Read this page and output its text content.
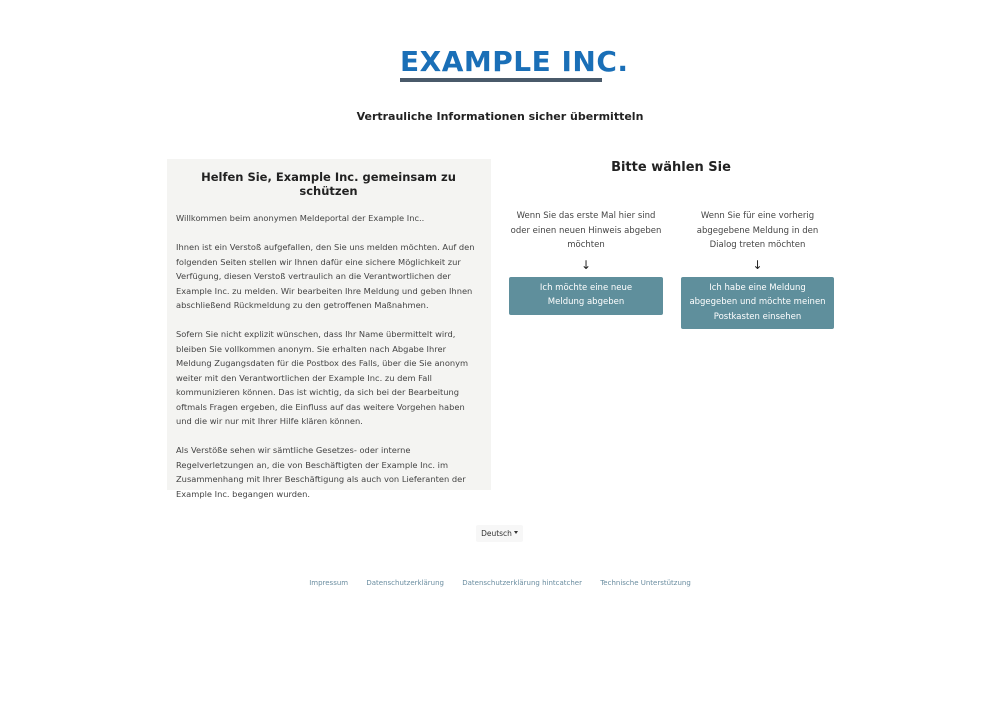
EXAMPLE INC.
Vertrauliche Informationen sicher übermitteln
Helfen Sie, Example Inc. gemeinsam zu schützen

Willkommen beim anonymen Meldeportal der Example Inc..

Ihnen ist ein Verstoß aufgefallen, den Sie uns melden möchten. Auf den folgenden Seiten stellen wir Ihnen dafür eine sichere Möglichkeit zur Verfügung, diesen Verstoß vertraulich an die Verantwortlichen der Example Inc. zu melden. Wir bearbeiten Ihre Meldung und geben Ihnen abschließend Rückmeldung zu den getroffenen Maßnahmen.

Sofern Sie nicht explizit wünschen, dass Ihr Name übermittelt wird, bleiben Sie vollkommen anonym. Sie erhalten nach Abgabe Ihrer Meldung Zugangsdaten für die Postbox des Falls, über die Sie anonym weiter mit den Verantwortlichen der Example Inc. zu dem Fall kommunizieren können. Das ist wichtig, da sich bei der Bearbeitung oftmals Fragen ergeben, die Einfluss auf das weitere Vorgehen haben und die wir nur mit Ihrer Hilfe klären können.

Als Verstöße sehen wir sämtliche Gesetzes- oder interne Regelverletzungen an, die von Beschäftigten der Example Inc. im Zusammenhang mit Ihrer Beschäftigung als auch von Lieferanten der Example Inc. begangen wurden.

Bitte wählen Sie
Wenn Sie das erste Mal hier sind oder einen neuen Hinweis abgeben möchten
↓
Ich möchte eine neue Meldung abgeben
Wenn Sie für eine vorherig abgegebene Meldung in den Dialog treten möchten
↓
Ich habe eine Meldung abgegeben und möchte meinen Postkasten einsehen
Deutsch
Impressum	Datenschutzerklärung	Datenschutzerklärung hintcatcher	Technische Unterstützung
